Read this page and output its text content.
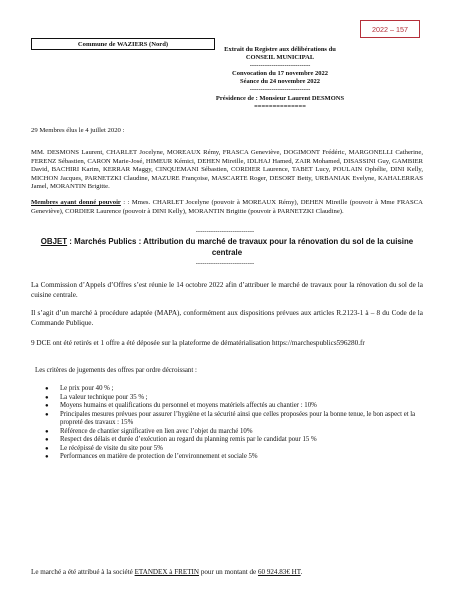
2022 – 157
Commune de WAZIERS (Nord)
Extrait du Registre aux délibérations du
CONSEIL MUNICIPAL
----------------------------
Convocation du 17 novembre 2022
Séance du 24 novembre 2022
----------------------------
Présidence de : Monsieur Laurent DESMONS
==============
29 Membres élus le 4 juillet 2020 :
MM. DESMONS Laurent, CHARLET Jocelyne, MOREAUX Rémy, FRASCA Geneviève, DOGIMONT Frédéric, MARGONELLI Catherine, FERENZ Sébastien, CARON Marie-José, HIMEUR Kémici, DEHEN Mireille, IDLHAJ Hamed, ZAIR Mohamed, DISASSINI Guy, GAMBIER David, BACHIRI Karim, KERRAR Maggy, CINQUEMANI Sébastien, CORDIER Laurence, TABET Lucy, POULAIN Ophélie, DINI Kelly, MICHON Jacques, PARNETZKI Claudine, MAZURE Françoise, MASCARTE Roger, DESORT Betty, URBANIAK Evelyne, KAHALERRAS Jamel, MORANTIN Brigitte.
Membres ayant donné pouvoir : : Mmes. CHARLET Jocelyne (pouvoir à MOREAUX Rémy), DEHEN Mireille (pouvoir à Mme FRASCA Geneviève), CORDIER Laurence (pouvoir à DINI Kelly), MORANTIN Brigitte (pouvoir à PARNETZKI Claudine).
---------------------------
OBJET : Marchés Publics : Attribution du marché de travaux pour la rénovation du sol de la cuisine centrale
---------------------------
La Commission d’Appels d’Offres s’est réunie le 14 octobre 2022 afin d’attribuer le marché de travaux pour la rénovation du sol de la cuisine centrale.
Il s’agit d’un marché à procédure adaptée (MAPA), conformément aux dispositions prévues aux articles R.2123-1 à – 8 du Code de la Commande Publique.
9 DCE ont été retirés et 1 offre a été déposée sur la plateforme de dématérialisation https://marchespublics596280.fr
Les critères de jugements des offres par ordre décroissant :
● Le prix pour 40 % ;
● La valeur technique pour 35 % ;
● Moyens humains et qualifications du personnel et moyens matériels affectés au chantier : 10%
● Principales mesures prévues pour assurer l’hygiène et la sécurité ainsi que celles proposées pour la bonne tenue, le bon aspect et la propreté des travaux : 15%
● Référence de chantier significative en lien avec l’objet du marché 10%
● Respect des délais et durée d’exécution au regard du planning remis par le candidat pour 15 %
● Le récépissé de visite du site pour 5%
● Performances en matière de protection de l’environnement et sociale 5%
Le marché a été attribué à la société ETANDEX à FRETIN pour un montant de 60 924.83€ HT.
